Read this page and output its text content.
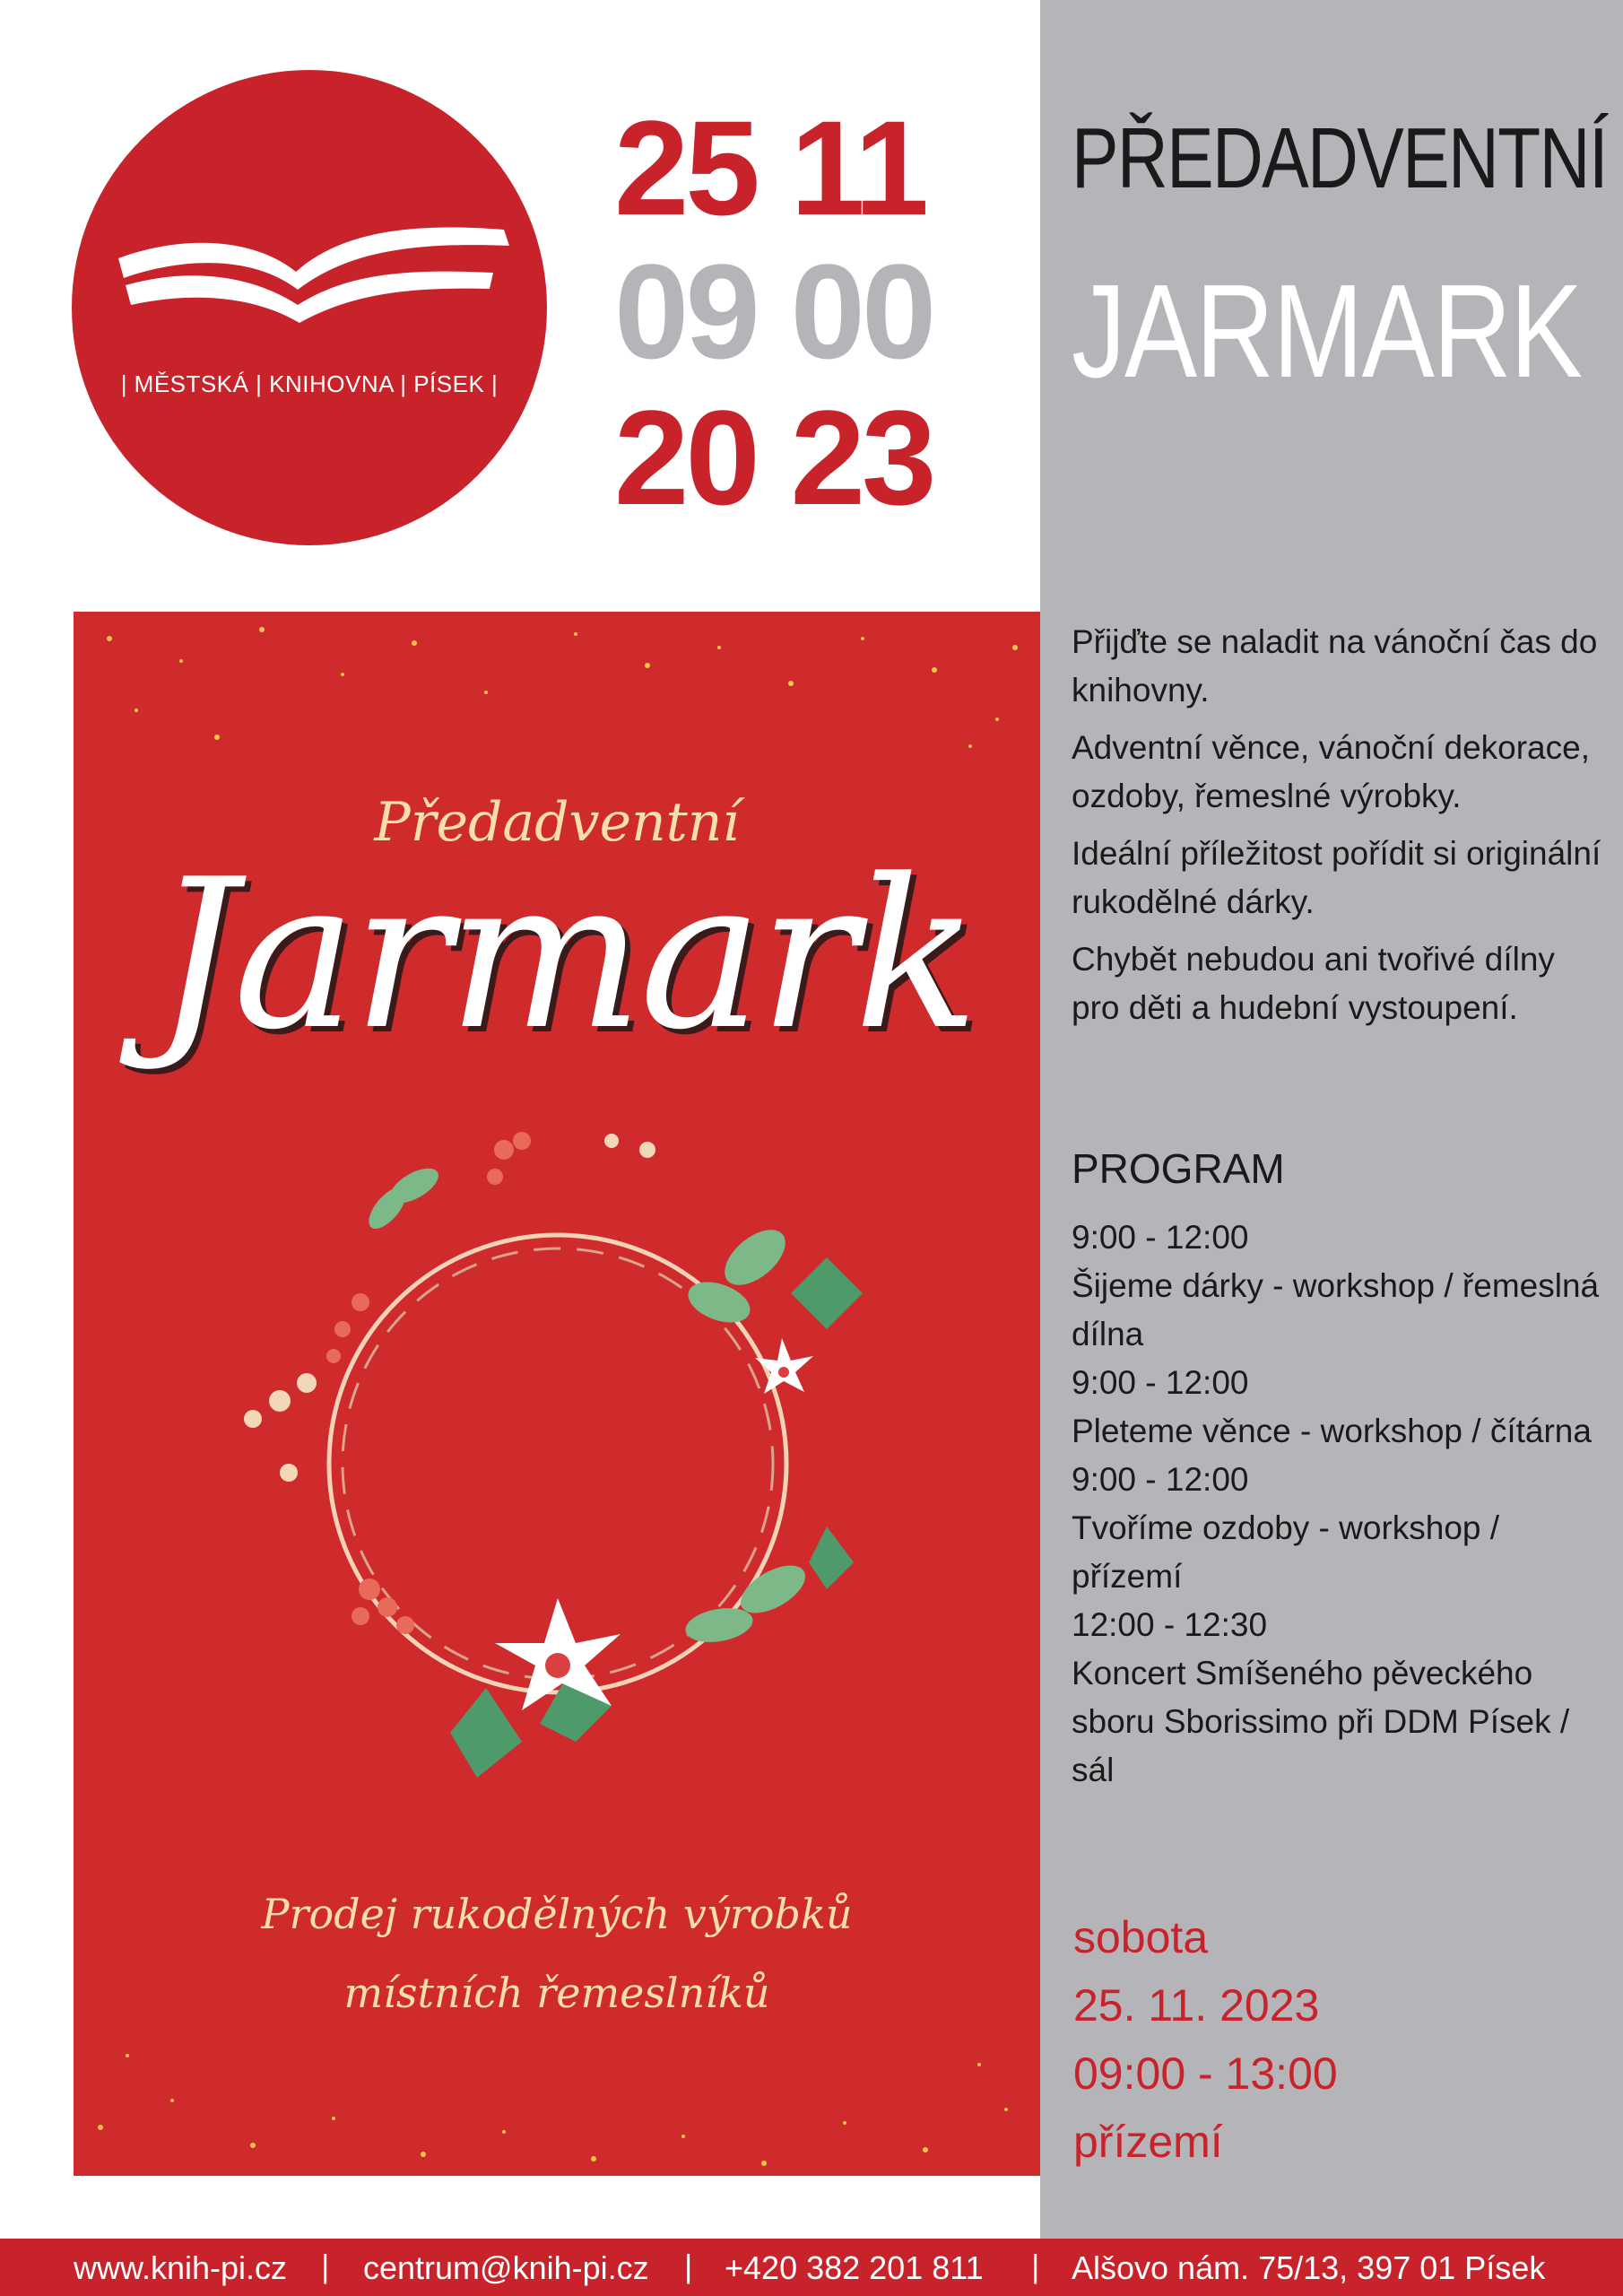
| MĚSTSKÁ | KNIHOVNA | PÍSEK |
25 11
09 00
20 23
PŘEDADVENTNÍ
JARMARK
Předadventní
Jarmark
Prodej rukodělných výrobků
místních řemeslníků

Přijďte se naladit na vánoční čas do knihovny.

Adventní věnce, vánoční dekorace, ozdoby, řemeslné výrobky.

Ideální příležitost pořídit si originální rukodělné dárky.

Chybět nebudou ani tvořivé dílny pro děti a hudební vystoupení.

PROGRAM

9:00 - 12:00

Šijeme dárky - workshop / řemeslná dílna

9:00 - 12:00

Pleteme věnce - workshop / čítárna

9:00 - 12:00

Tvoříme ozdoby - workshop / přízemí

12:00 - 12:30

Koncert Smíšeného pěveckého sboru Sborissimo při DDM Písek / sál

sobota
25. 11. 2023
09:00 - 13:00
přízemí
www.knih-pi.cz | centrum@knih-pi.cz | +420 382 201 811 | Alšovo nám. 75/13, 397 01 Písek
